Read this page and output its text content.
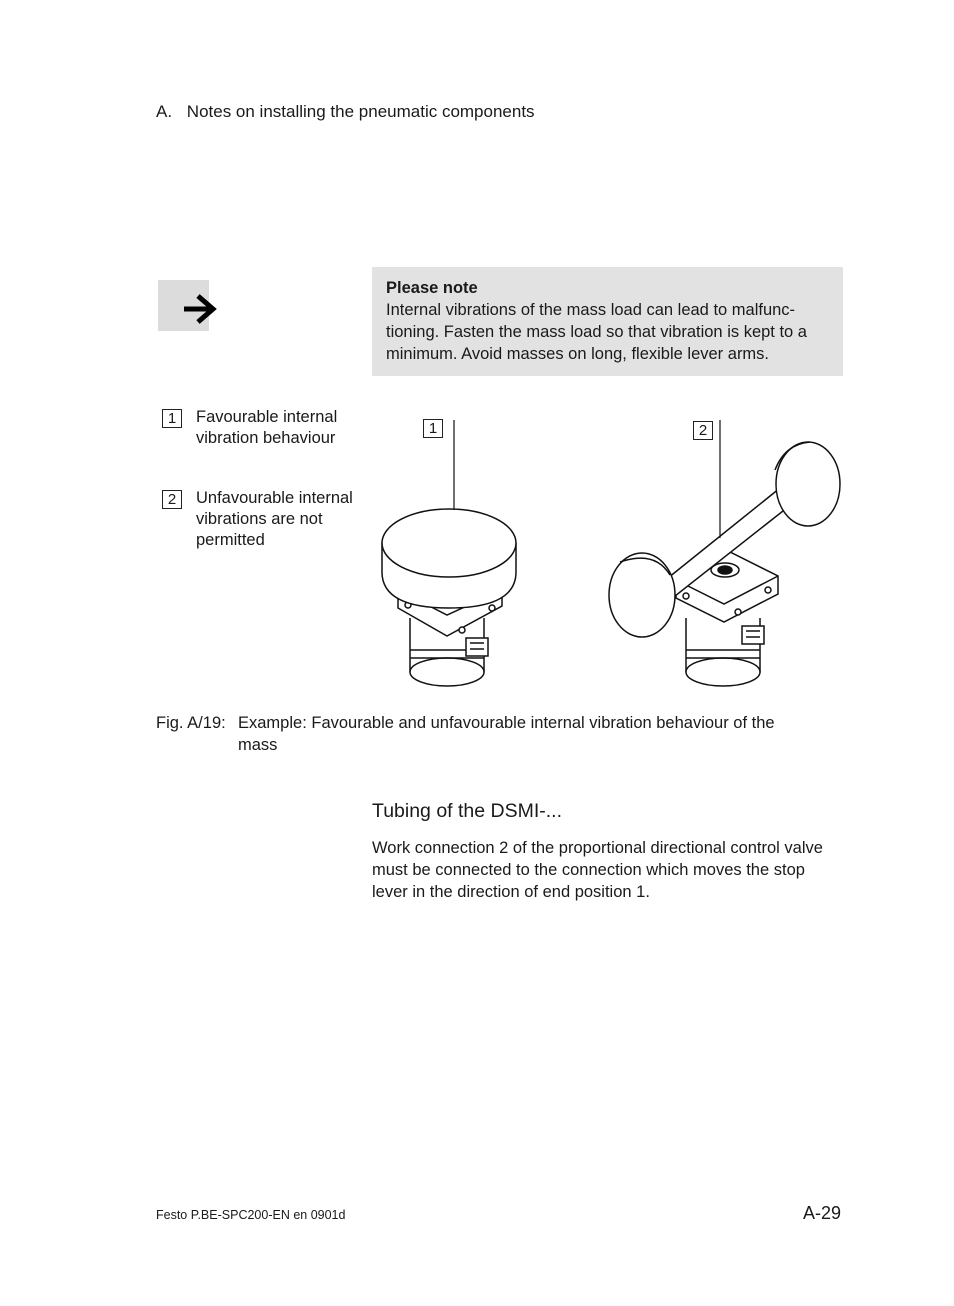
A. Notes on installing the pneumatic components
Please note
Internal vibrations of the mass load can lead to malfunc-tioning. Fasten the mass load so that vibration is kept to a minimum. Avoid masses on long, flexible lever arms.
1	Favourable internal vibration behaviour
2	Unfavourable internal vibrations are not permitted
1	2
Fig. A/19: Example: Favourable and unfavourable internal vibration behaviour of the mass
Tubing of the DSMI-...
Work connection 2 of the proportional directional control valve must be connected to the connection which moves the stop lever in the direction of end position 1.
Festo P.BE-SPC200-EN en 0901d	A-29
